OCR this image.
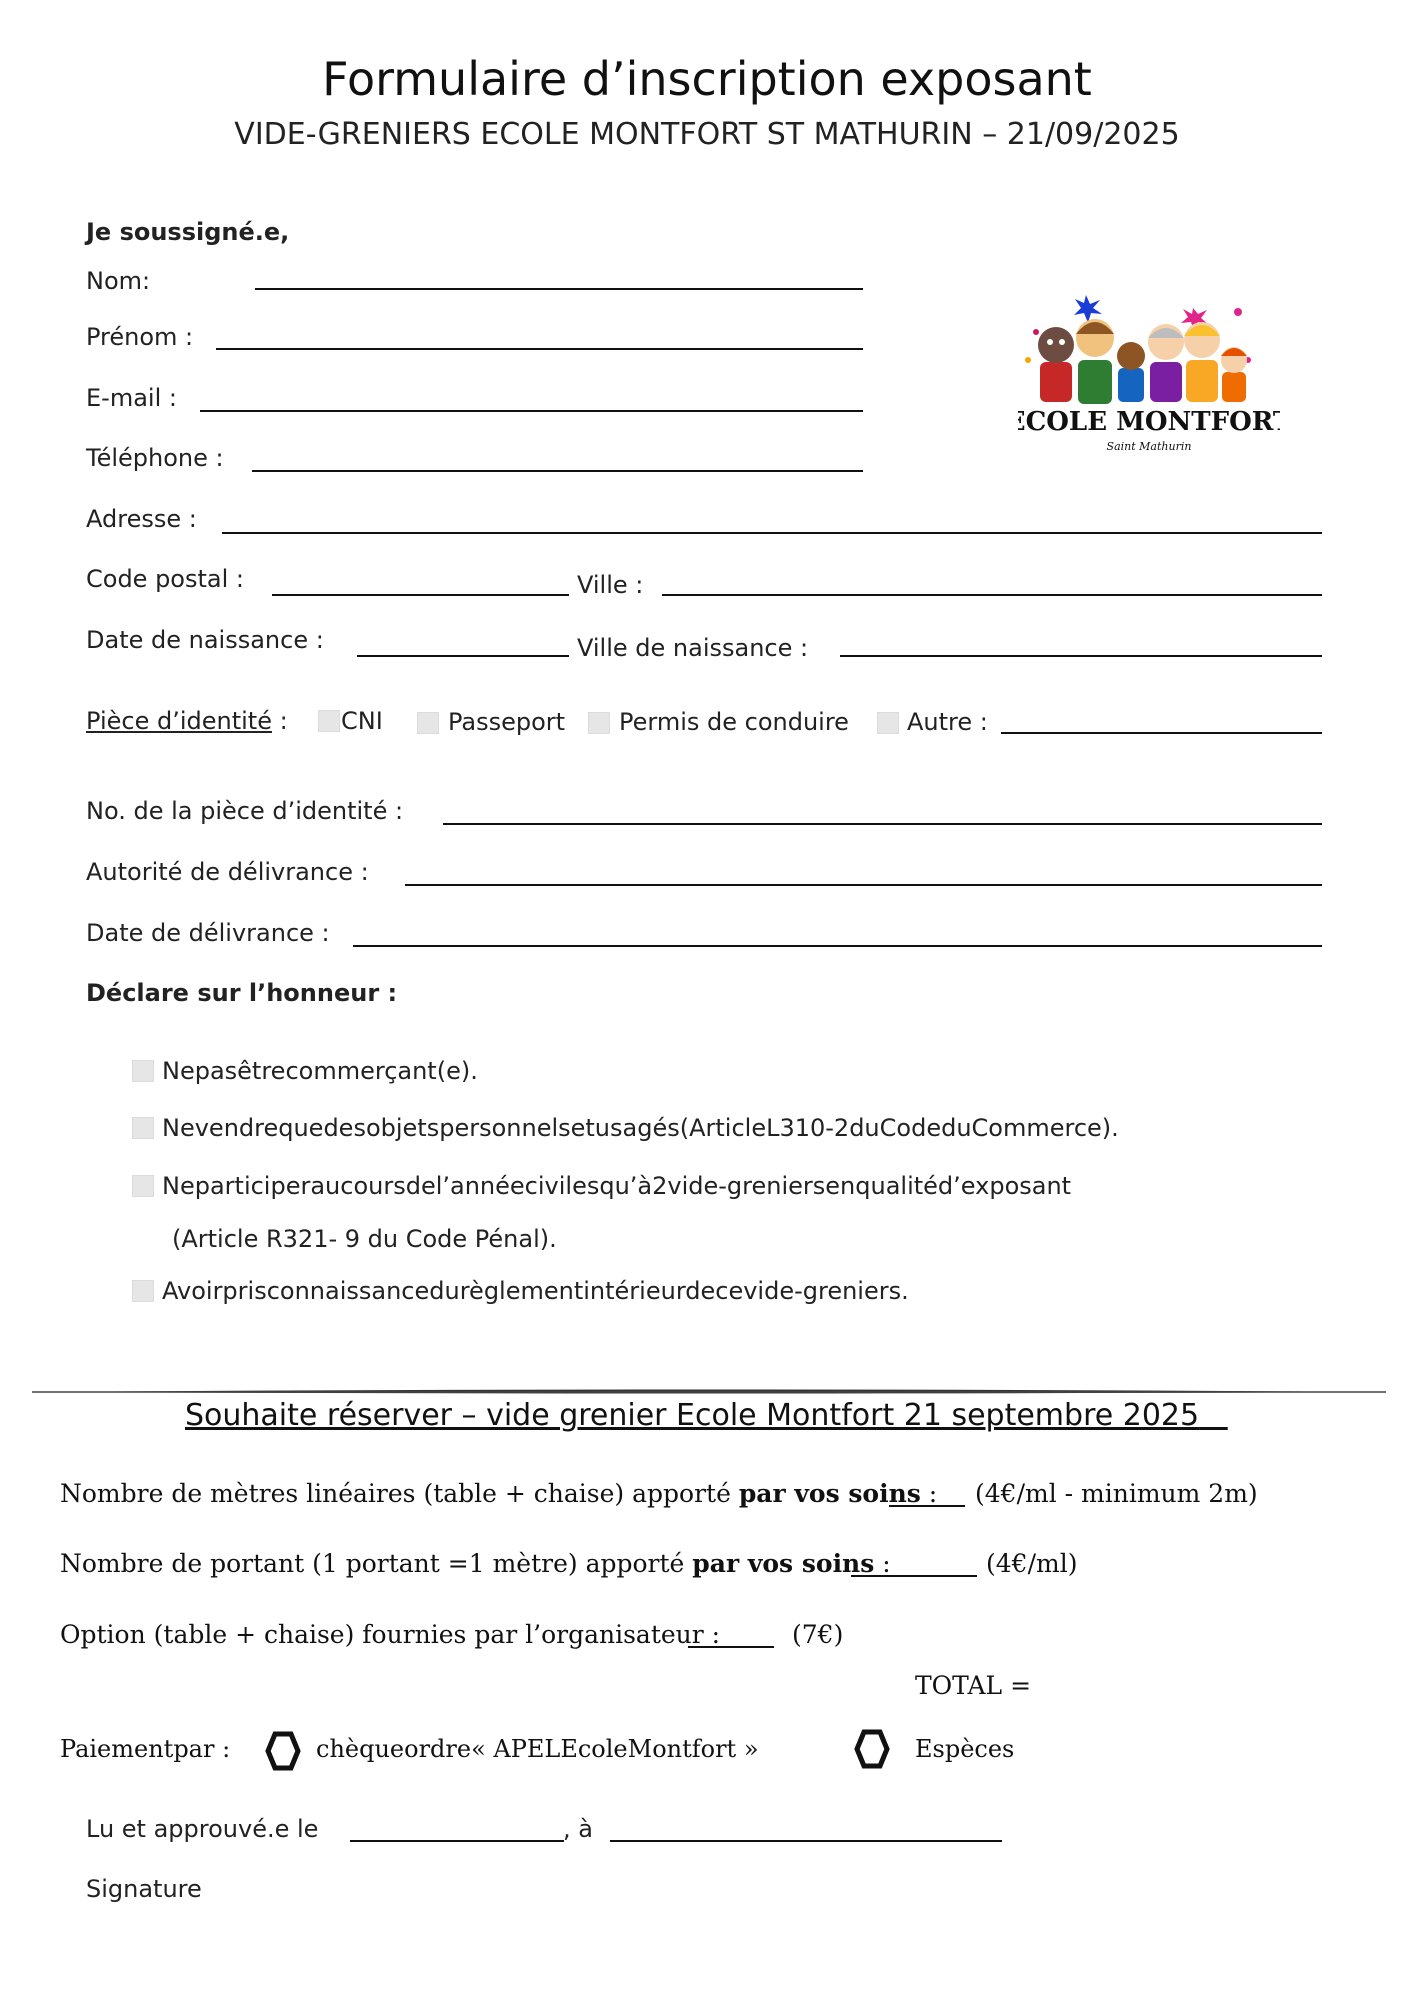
Formulaire d’inscription exposant
VIDE-GRENIERS ECOLE MONTFORT ST MATHURIN – 21/09/2025
ECOLE MONTFORT
Saint Mathurin
Je soussigné.e,
Nom:
Prénom :
E-mail :
Téléphone :
Adresse :
Code postal :	Ville :
Date de naissance :	Ville de naissance :
Pièce d’identité : CNI	Passeport Permis de conduire Autre :
No. de la pièce d’identité :
Autorité de délivrance :
Date de délivrance :
Déclare sur l’honneur :
Nepasêtrecommerçant(e).
Nevendrequedesobjetspersonnelsetusagés(ArticleL310-2duCodeduCommerce).
Neparticiperaucoursdel’annéecivilesqu’à2vide-greniersenqualitéd’exposant
(Article R321- 9 du Code Pénal).
Avoirprisconnaissancedurèglementintérieurdecevide-greniers.
Souhaite réserver – vide grenier Ecole Montfort 21 septembre 2025
Nombre de mètres linéaires (table + chaise) apporté par vos soins : (4€/ml - minimum 2m)
Nombre de portant (1 portant =1 mètre) apporté par vos soins :	(4€/ml)
Option (table + chaise) fournies par l’organisateur :	(7€)
TOTAL =
Paiementpar :	chèqueordre« APELEcoleMontfort »	Espèces
Lu et approuvé.e le	, à
Signature
